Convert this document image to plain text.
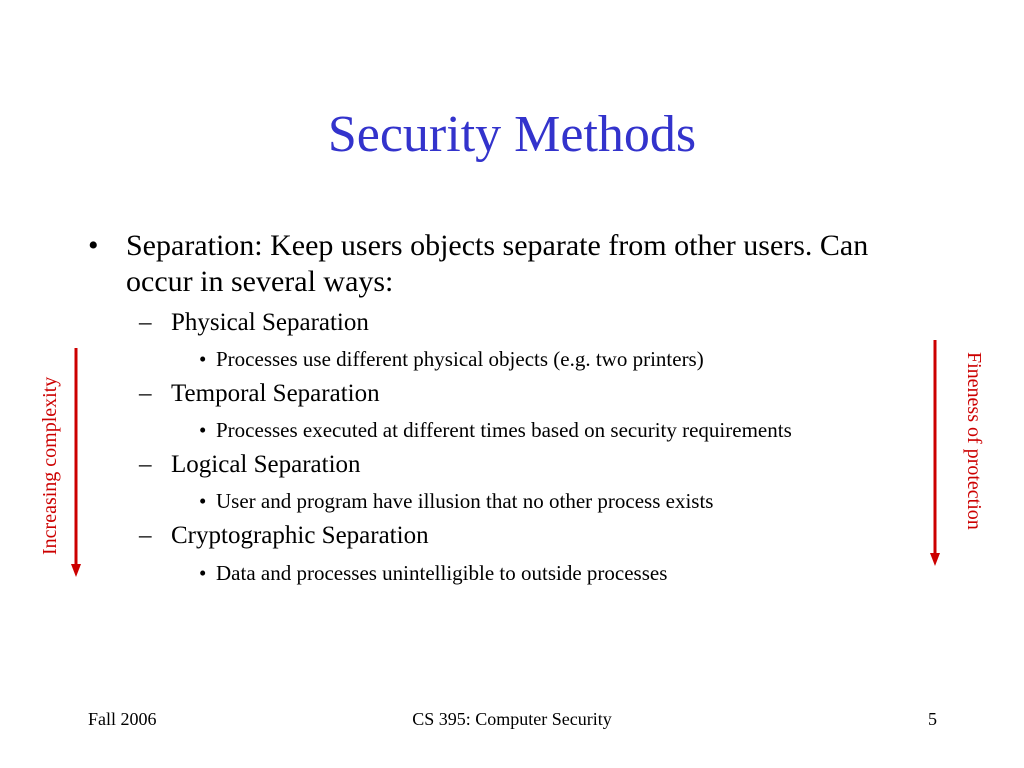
Security Methods
• Separation: Keep users objects separate from other users. Can occur in several ways:
– Physical Separation
• Processes use different physical objects (e.g. two printers)
– Temporal Separation
• Processes executed at different times based on security requirements
– Logical Separation
• User and program have illusion that no other process exists
– Cryptographic Separation
• Data and processes unintelligible to outside processes
Increasing complexity	Fineness of protection
Fall 2006	CS 395: Computer Security	5
